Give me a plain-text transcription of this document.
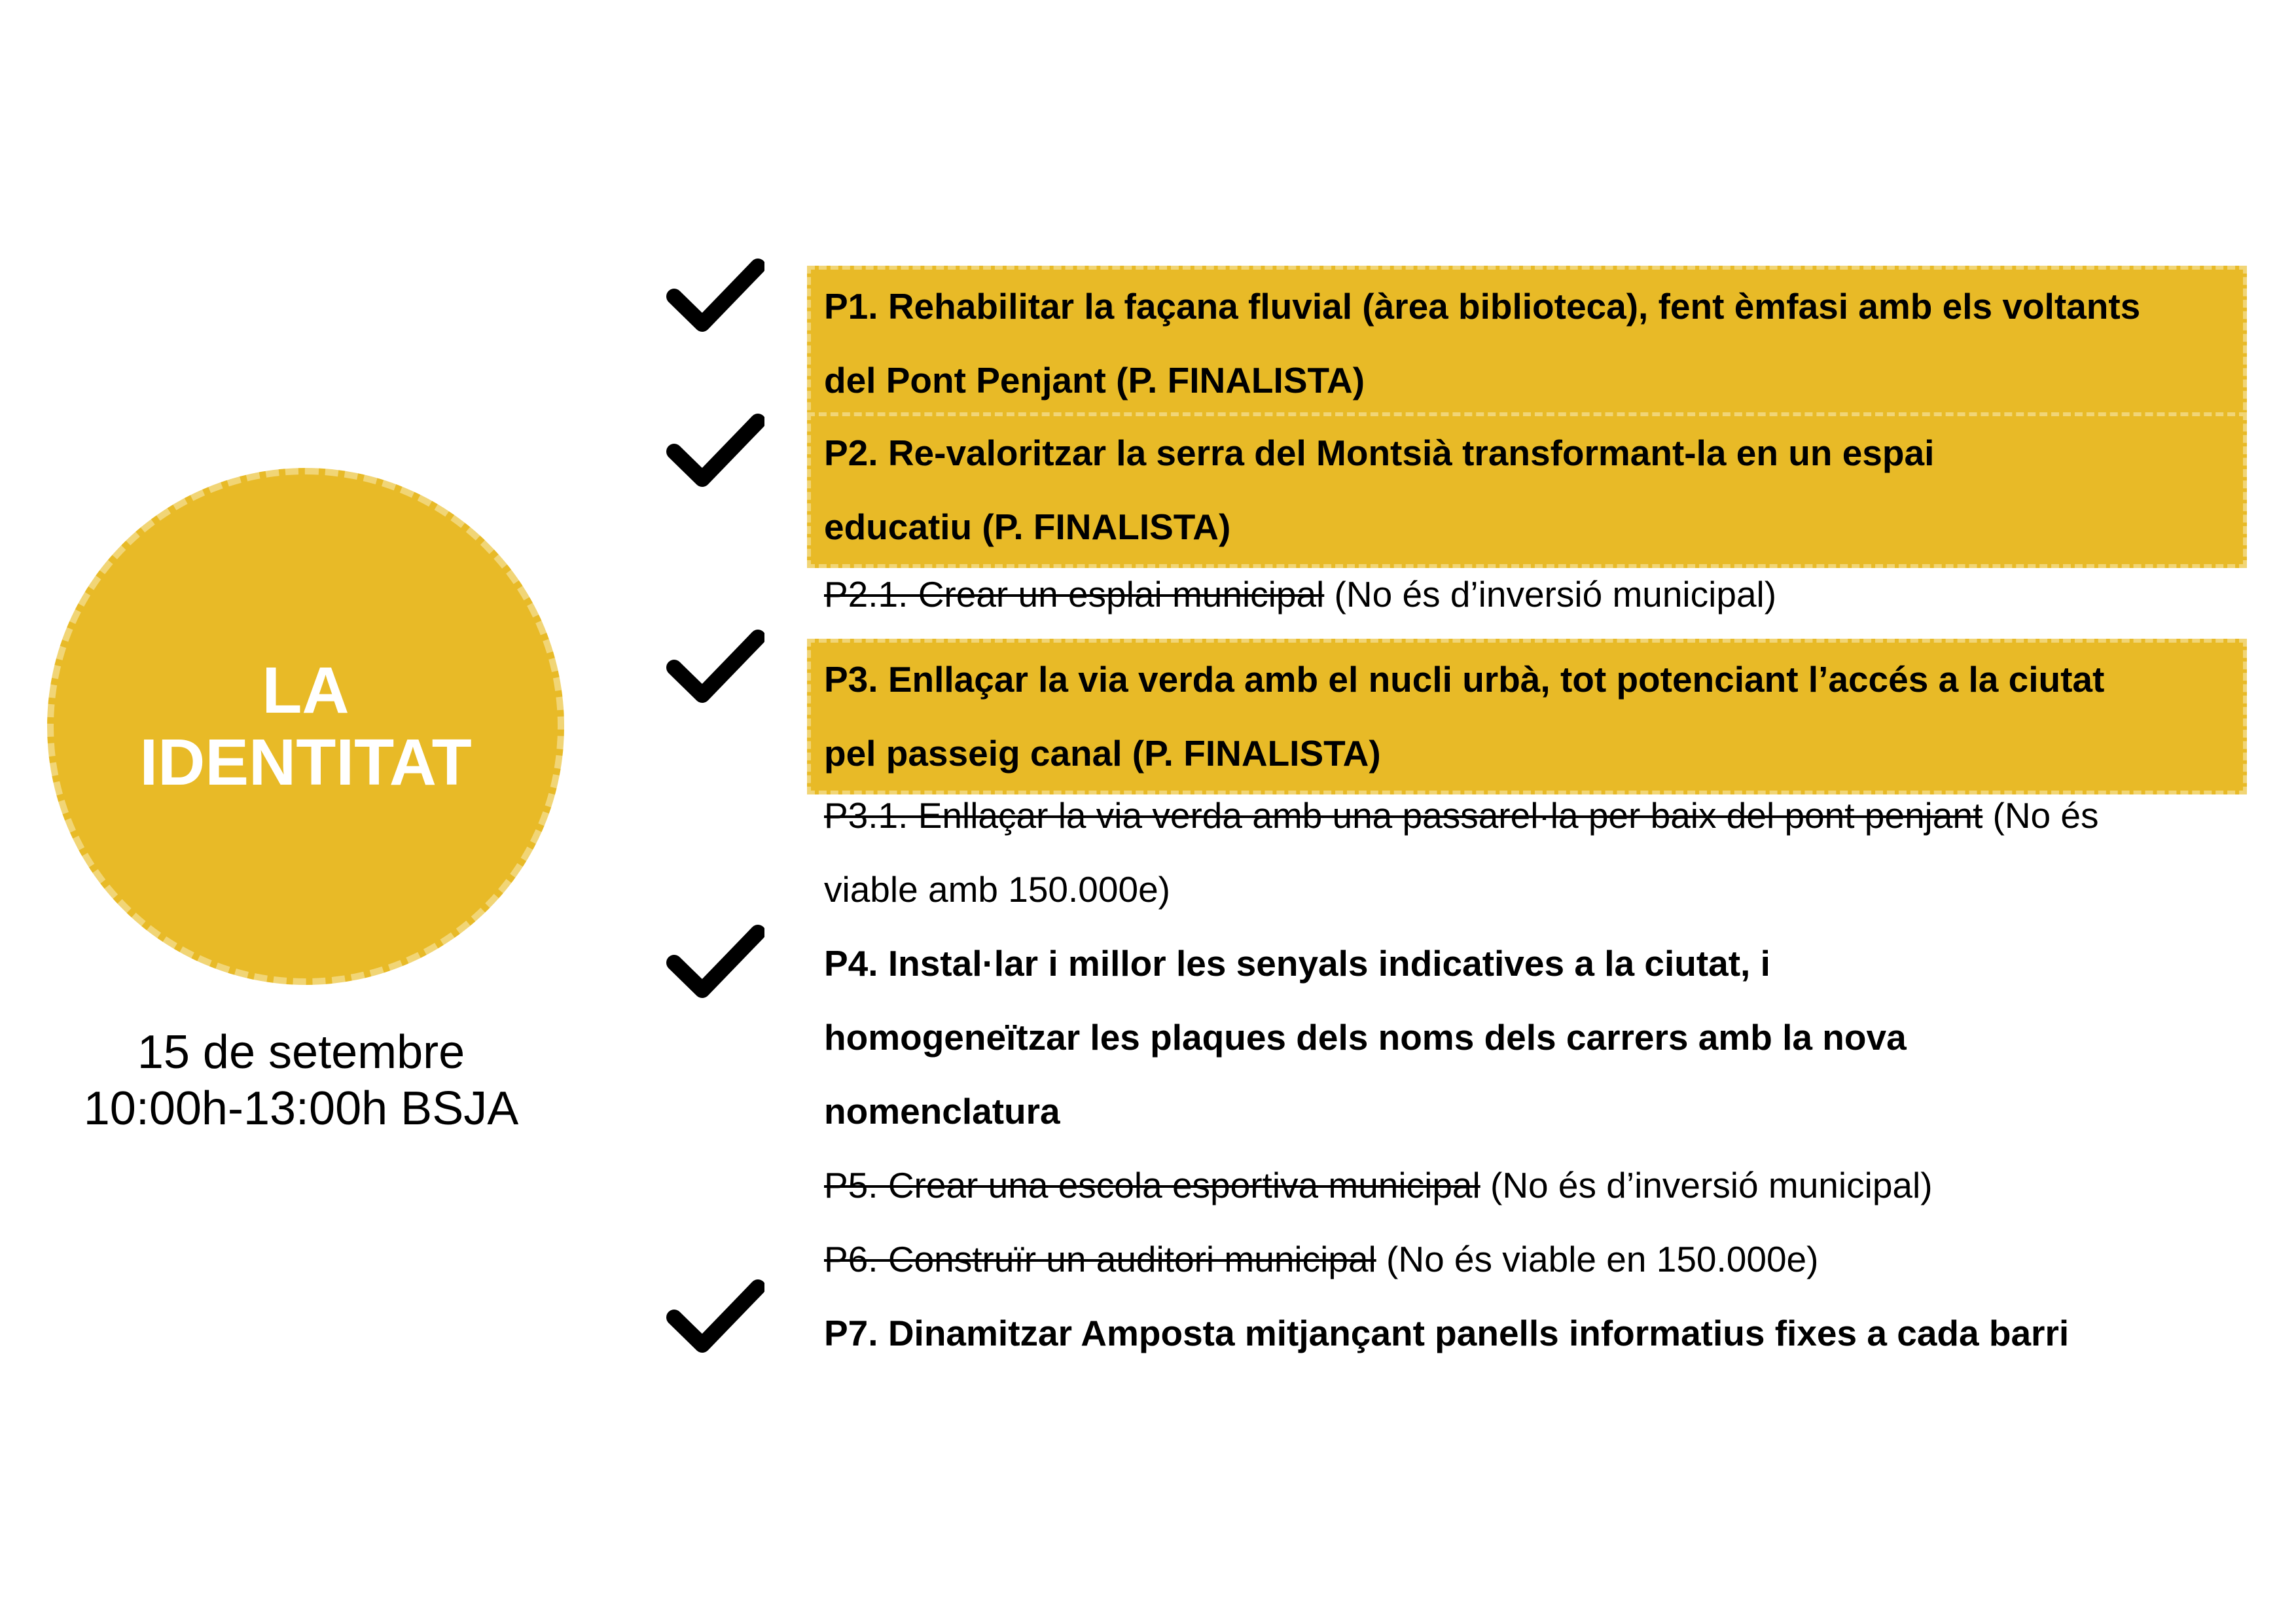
LA
IDENTITAT
15 de setembre
10:00h-13:00h BSJA
P1. Rehabilitar la façana fluvial (àrea biblioteca), fent èmfasi amb els voltants
del Pont Penjant (P. FINALISTA)
P2. Re-valoritzar la serra del Montsià transformant-la en un espai
educatiu (P. FINALISTA)
P2.1. Crear un esplai municipal (No és d’inversió municipal)
P3. Enllaçar la via verda amb el nucli urbà, tot potenciant l’accés a la ciutat
pel passeig canal (P. FINALISTA)
P3.1. Enllaçar la via verda amb una passarel·la per baix del pont penjant (No és
viable amb 150.000e)
P4. Instal·lar i millor les senyals indicatives a la ciutat, i
homogeneïtzar les plaques dels noms dels carrers amb la nova
nomenclatura
P5. Crear una escola esportiva municipal (No és d’inversió municipal)
P6. Construïr un auditori municipal (No és viable en 150.000e)
P7. Dinamitzar Amposta mitjançant panells informatius fixes a cada barri
